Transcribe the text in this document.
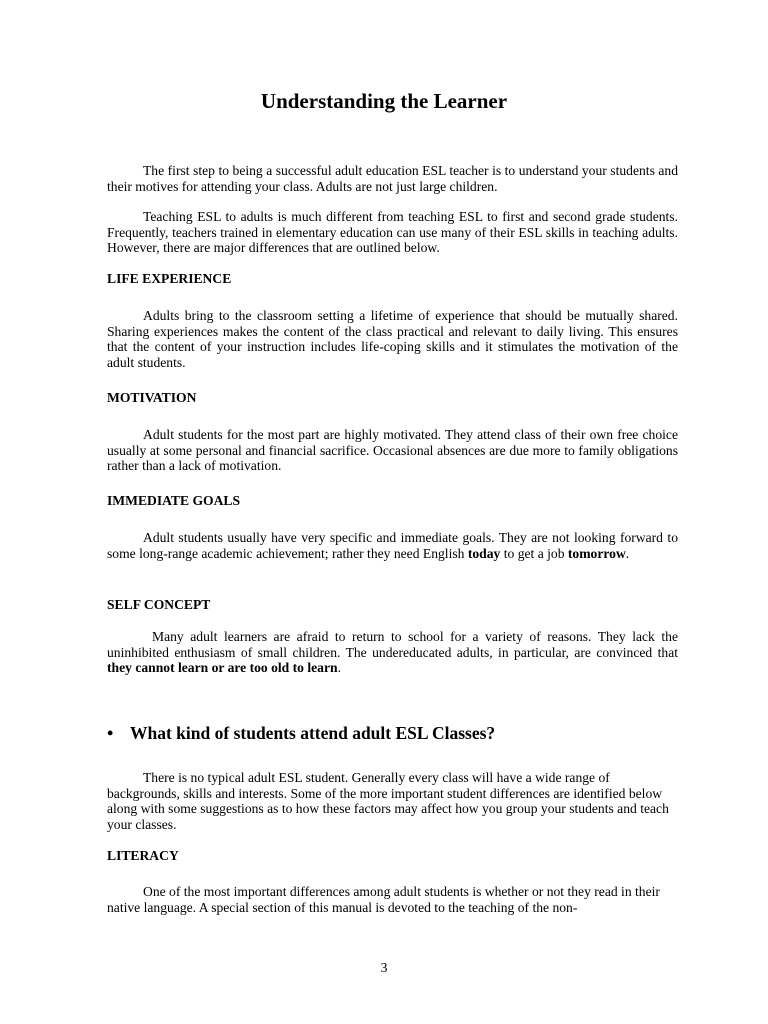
Understanding the Learner

The first step to being a successful adult education ESL teacher is to understand your students and their motives for attending your class. Adults are not just large children.

Teaching ESL to adults is much different from teaching ESL to first and second grade students. Frequently, teachers trained in elementary education can use many of their ESL skills in teaching adults. However, there are major differences that are outlined below.

LIFE EXPERIENCE

Adults bring to the classroom setting a lifetime of experience that should be mutually shared. Sharing experiences makes the content of the class practical and relevant to daily living. This ensures that the content of your instruction includes life-coping skills and it stimulates the motivation of the adult students.

MOTIVATION

Adult students for the most part are highly motivated. They attend class of their own free choice usually at some personal and financial sacrifice. Occasional absences are due more to family obligations rather than a lack of motivation.

IMMEDIATE GOALS

Adult students usually have very specific and immediate goals. They are not looking forward to some long-range academic achievement; rather they need English today to get a job tomorrow.

SELF CONCEPT

Many adult learners are afraid to return to school for a variety of reasons. They lack the uninhibited enthusiasm of small children. The undereducated adults, in particular, are convinced that they cannot learn or are too old to learn.

• What kind of students attend adult ESL Classes?

There is no typical adult ESL student. Generally every class will have a wide range of backgrounds, skills and interests. Some of the more important student differences are identified below along with some suggestions as to how these factors may affect how you group your students and teach your classes.

LITERACY

One of the most important differences among adult students is whether or not they read in their native language. A special section of this manual is devoted to the teaching of the non-

3
